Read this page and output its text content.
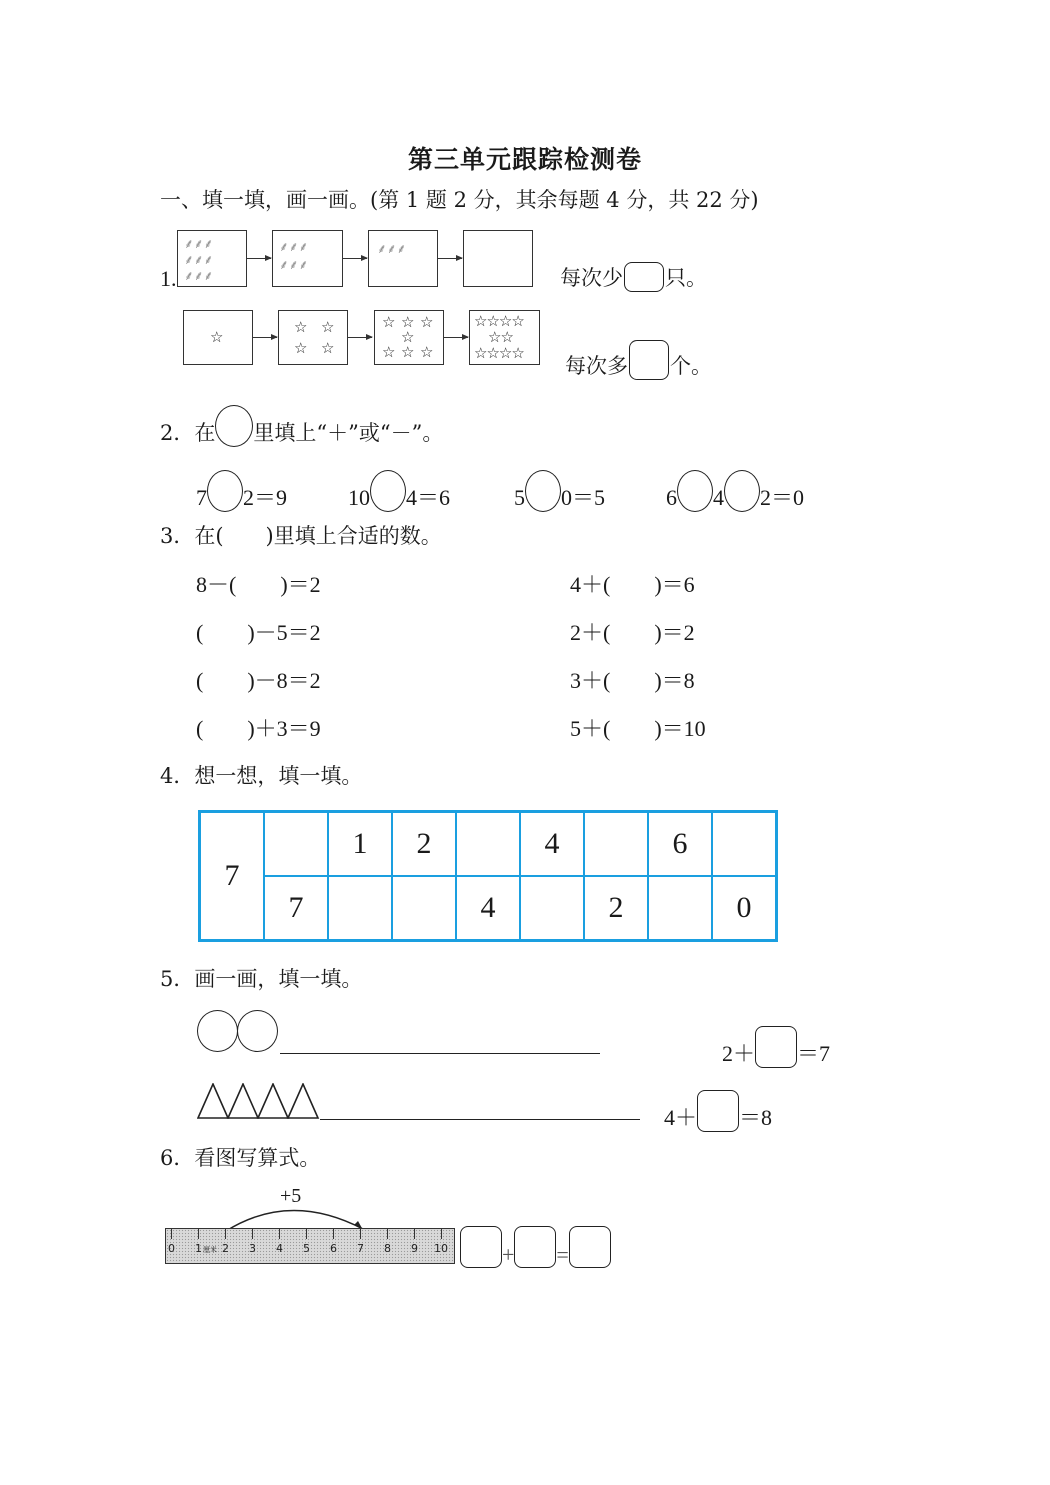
第三单元跟踪检测卷
一、填一填，画一画。(第 1 题 2 分，其余每题 4 分，共 22 分)
1.
⸙⸙⸙
⸙⸙⸙
⸙⸙⸙
⸙⸙⸙
⸙⸙⸙
⸙⸙⸙
每次少 只。
☆
☆ ☆
☆ ☆
☆ ☆ ☆
☆
☆ ☆ ☆
☆☆☆☆
☆☆
☆☆☆☆
每次多 个。
2．在 里填上“＋”或“－”。
7 2＝9	10 4＝6	5 0＝5	6 4 2＝0
3．在(　　)里填上合适的数。
8－(　　)＝2
(　　)－5＝2
(　　)－8＝2
(　　)＋3＝9
4＋(　　)＝6
2＋(　　)＝2
3＋(　　)＝8
5＋(　　)＝10
4．想一想，填一填。
7		1	2		4		6	
	7			4		2		0
5．画一画，填一填。
2＋ ＝7
4＋ ＝8
6．看图写算式。
+5
0 1 厘米 2 3 4 5 6 7 8 9 10	+ =
